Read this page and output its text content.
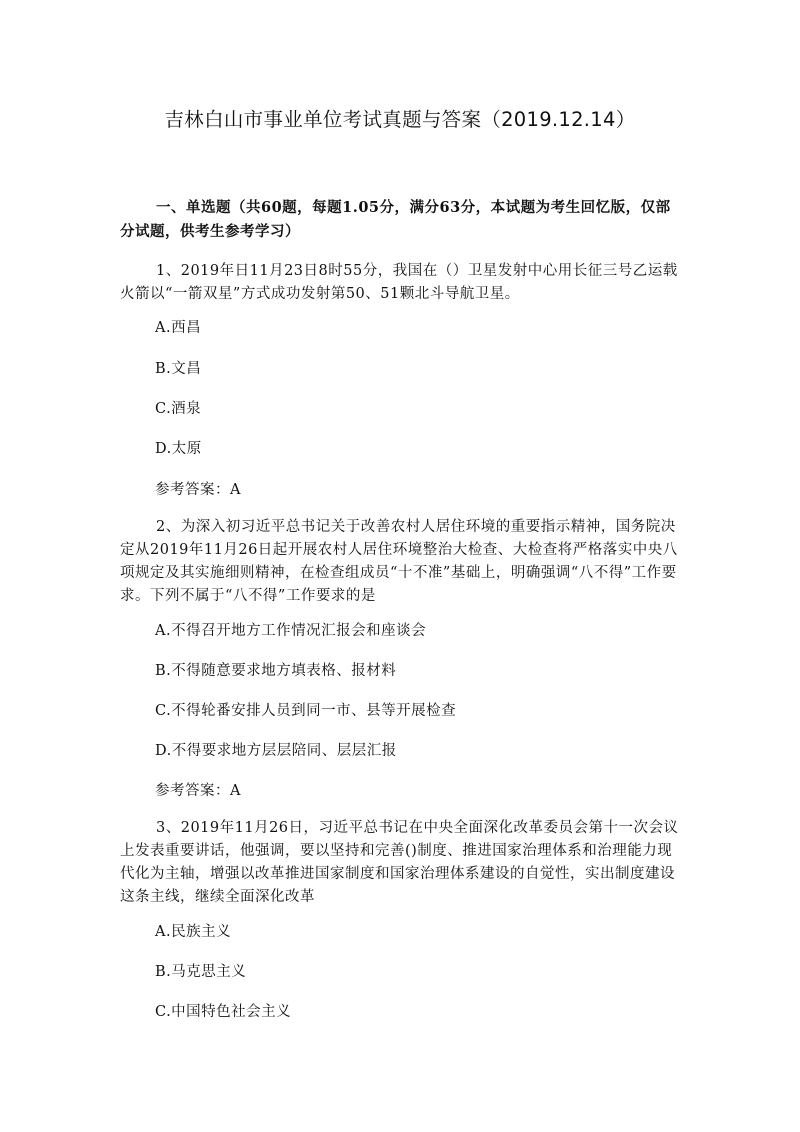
吉林白山市事业单位考试真题与答案（2019.12.14）
一、单选题（共60题，每题1.05分，满分63分，本试题为考生回忆版，仅部分试题，供考生参考学习）
1、2019年日11月23日8时55分，我国在（）卫星发射中心用长征三号乙运载火箭以“一箭双星”方式成功发射第50、51颗北斗导航卫星。
A.西昌
B.文昌
C.酒泉
D.太原
参考答案：A
2、为深入初习近平总书记关于改善农村人居住环境的重要指示精神，国务院决定从2019年11月26日起开展农村人居住环境整治大检查、大检查将严格落实中央八项规定及其实施细则精神，在检查组成员“十不准”基础上，明确强调“八不得”工作要求。下列不属于“八不得”工作要求的是
A.不得召开地方工作情况汇报会和座谈会
B.不得随意要求地方填表格、报材料
C.不得轮番安排人员到同一市、县等开展检查
D.不得要求地方层层陪同、层层汇报
参考答案：A
3、2019年11月26日，习近平总书记在中央全面深化改革委员会第十一次会议上发表重要讲话，他强调，要以坚持和完善()制度、推进国家治理体系和治理能力现代化为主轴，增强以改革推进国家制度和国家治理体系建设的自觉性，实出制度建设这条主线，继续全面深化改革
A.民族主义
B.马克思主义
C.中国特色社会主义
